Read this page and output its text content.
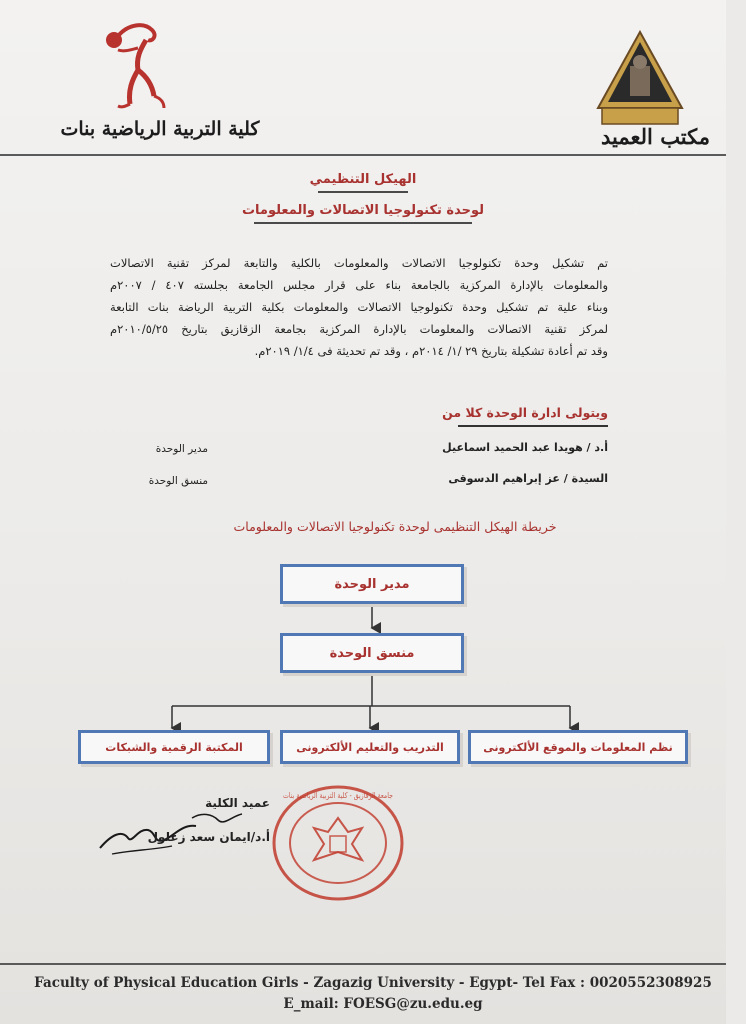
كلية التربية الرياضية بنات	مكتب العميد
الهيكل التنظيمي
لوحدة تكنولوجيا الاتصالات والمعلومات
تم تشكيل وحدة تكنولوجيا الاتصالات والمعلومات بالكلية والتابعة لمركز تقنية الاتصالات
والمعلومات بالإدارة المركزية بالجامعة بناء على قرار مجلس الجامعة بجلسته ٤٠٧ / ٢٠٠٧م
وبناء علية تم تشكيل وحدة تكنولوجيا الاتصالات والمعلومات بكلية التربية الرياضة بنات التابعة
لمركز تقنية الاتصالات والمعلومات بالإدارة المركزية بجامعة الزقازيق بتاريخ ٢٠١٠/٥/٢٥م
وقد تم أعادة تشكيلة بتاريخ ٢٩ /١/ ٢٠١٤م ، وقد تم تحديثة فى ١/٤/ ٢٠١٩م.
ويتولى ادارة الوحدة كلا من
أ.د / هويدا عبد الحميد اسماعيل
مدير الوحدة
السيدة / عز إبراهيم الدسوقى
منسق الوحدة
خريطة الهيكل التنظيمى لوحدة تكنولوجيا الاتصالات والمعلومات
مدير الوحدة
منسق الوحدة
نظم المعلومات والموقع الألكترونى
التدريب والتعليم الألكترونى
المكتبة الرقمية والشبكات
عميد الكلية
أ.د/ايمان سعد زغلول
جامعة الزقازيق - كلية التربية الرياضية بنات
Faculty of Physical Education Girls - Zagazig University - Egypt- Tel Fax : 0020552308925
E_mail: FOESG@zu.edu.eg
